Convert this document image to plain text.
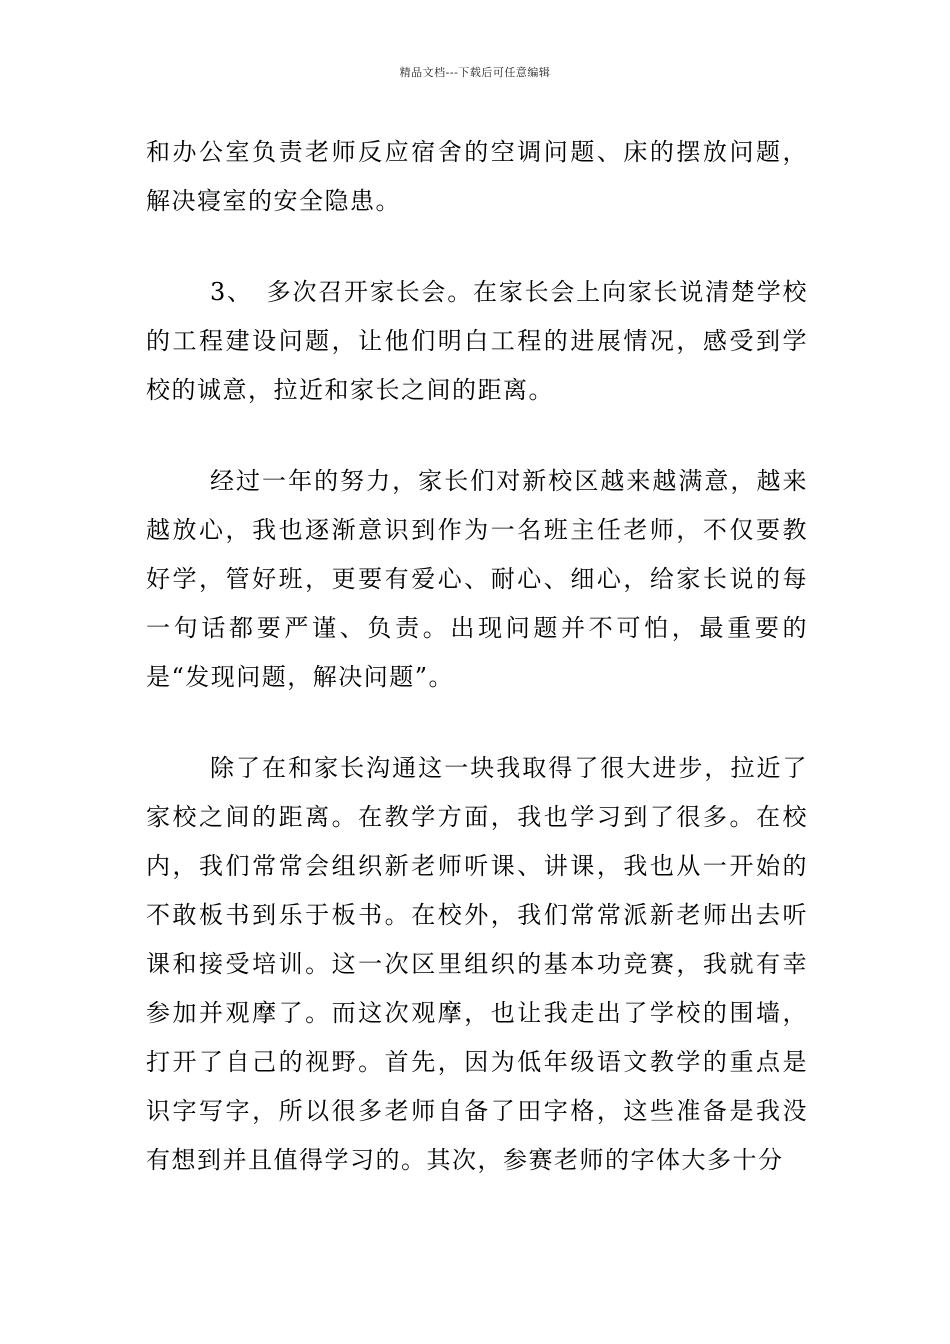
精品文档---下载后可任意编辑

和办公室负责老师反应宿舍的空调问题、床的摆放问题，解决寝室的安全隐患。

3、　多次召开家长会。在家长会上向家长说清楚学校的工程建设问题，让他们明白工程的进展情况，感受到学校的诚意，拉近和家长之间的距离。

经过一年的努力，家长们对新校区越来越满意，越来越放心，我也逐渐意识到作为一名班主任老师，不仅要教好学，管好班，更要有爱心、耐心、细心，给家长说的每一句话都要严谨、负责。出现问题并不可怕，最重要的是“发现问题，解决问题”。

除了在和家长沟通这一块我取得了很大进步，拉近了家校之间的距离。在教学方面，我也学习到了很多。在校内，我们常常会组织新老师听课、讲课，我也从一开始的不敢板书到乐于板书。在校外，我们常常派新老师出去听课和接受培训。这一次区里组织的基本功竞赛，我就有幸参加并观摩了。而这次观摩，也让我走出了学校的围墙，打开了自己的视野。首先，因为低年级语文教学的重点是识字写字，所以很多老师自备了田字格，这些准备是我没有想到并且值得学习的。其次，参赛老师的字体大多十分
